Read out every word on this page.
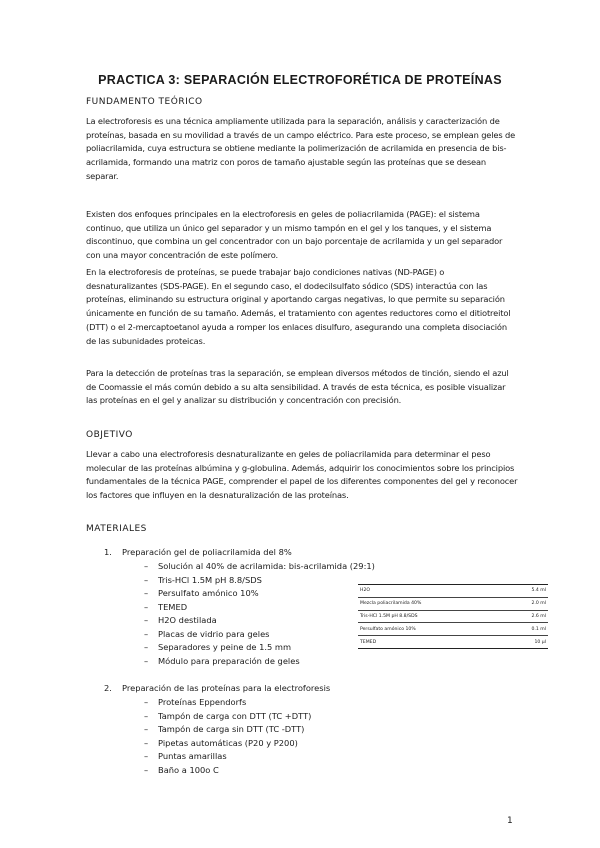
PRACTICA 3: SEPARACIÓN ELECTROFORÉTICA DE PROTEÍNAS
FUNDAMENTO TEÓRICO
La electroforesis es una técnica ampliamente utilizada para la separación, análisis y caracterización de proteínas, basada en su movilidad a través de un campo eléctrico. Para este proceso, se emplean geles de poliacrilamida, cuya estructura se obtiene mediante la polimerización de acrilamida en presencia de bis-acrilamida, formando una matriz con poros de tamaño ajustable según las proteínas que se desean separar.
Existen dos enfoques principales en la electroforesis en geles de poliacrilamida (PAGE): el sistema continuo, que utiliza un único gel separador y un mismo tampón en el gel y los tanques, y el sistema discontinuo, que combina un gel concentrador con un bajo porcentaje de acrilamida y un gel separador con una mayor concentración de este polímero.
En la electroforesis de proteínas, se puede trabajar bajo condiciones nativas (ND-PAGE) o desnaturalizantes (SDS-PAGE). En el segundo caso, el dodecilsulfato sódico (SDS) interactúa con las proteínas, eliminando su estructura original y aportando cargas negativas, lo que permite su separación únicamente en función de su tamaño. Además, el tratamiento con agentes reductores como el ditiotreitol (DTT) o el 2-mercaptoetanol ayuda a romper los enlaces disulfuro, asegurando una completa disociación de las subunidades proteicas.
Para la detección de proteínas tras la separación, se emplean diversos métodos de tinción, siendo el azul de Coomassie el más común debido a su alta sensibilidad. A través de esta técnica, es posible visualizar las proteínas en el gel y analizar su distribución y concentración con precisión.
OBJETIVO
Llevar a cabo una electroforesis desnaturalizante en geles de poliacrilamida para determinar el peso molecular de las proteínas albúmina y g-globulina. Además, adquirir los conocimientos sobre los principios fundamentales de la técnica PAGE, comprender el papel de los diferentes componentes del gel y reconocer los factores que influyen en la desnaturalización de las proteínas.
MATERIALES
1. Preparación gel de poliacrilamida del 8%
– Solución al 40% de acrilamida: bis-acrilamida (29:1)
– Tris-HCl 1.5M pH 8.8/SDS
– Persulfato amónico 10%
– TEMED
– H2O destilada
– Placas de vidrio para geles
– Separadores y peine de 1.5 mm
– Módulo para preparación de geles
2. Preparación de las proteínas para la electroforesis
– Proteínas Eppendorfs
– Tampón de carga con DTT (TC +DTT)
– Tampón de carga sin DTT (TC -DTT)
– Pipetas automáticas (P20 y P200)
– Puntas amarillas
– Baño a 100o C
H2O	5.4 ml
Mezcla poliacrilamida 40%	2.0 ml
Tris-HCl 1.5M pH 8.8/SDS	2.6 ml
Persulfato amónico 10%	0.1 ml
TEMED	10 µl
1
